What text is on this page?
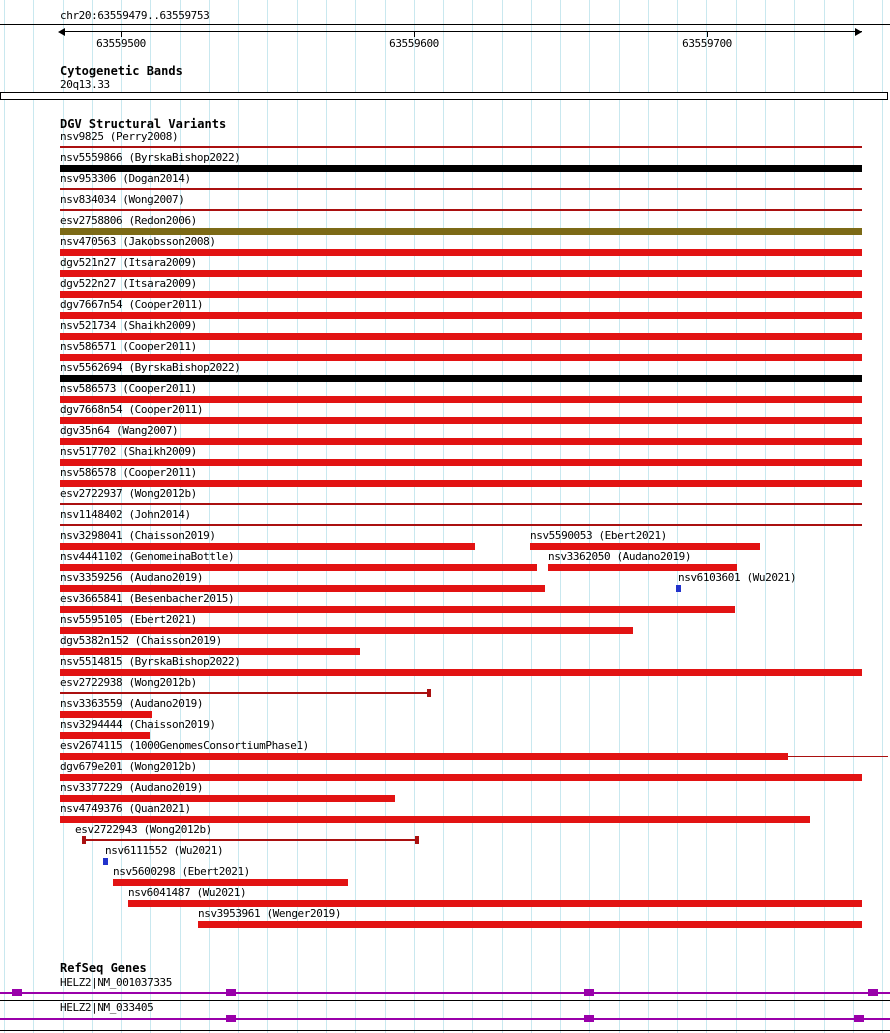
chr20:63559479..63559753
Cytogenetic Bands
20q13.33
DGV Structural Variants
RefSeq Genes
63559500	63559600	63559700
nsv9825 (Perry2008)
nsv5559866 (ByrskaBishop2022)
nsv953306 (Dogan2014)
nsv834034 (Wong2007)
esv2758806 (Redon2006)
nsv470563 (Jakobsson2008)
dgv521n27 (Itsara2009)
dgv522n27 (Itsara2009)
dgv7667n54 (Cooper2011)
nsv521734 (Shaikh2009)
nsv586571 (Cooper2011)
nsv5562694 (ByrskaBishop2022)
nsv586573 (Cooper2011)
dgv7668n54 (Cooper2011)
dgv35n64 (Wang2007)
nsv517702 (Shaikh2009)
nsv586578 (Cooper2011)
esv2722937 (Wong2012b)
nsv1148402 (John2014)
nsv3298041 (Chaisson2019)	nsv5590053 (Ebert2021)
nsv4441102 (GenomeinaBottle)	nsv3362050 (Audano2019)
nsv3359256 (Audano2019)	nsv6103601 (Wu2021)
esv3665841 (Besenbacher2015)
nsv5595105 (Ebert2021)
dgv5382n152 (Chaisson2019)
nsv5514815 (ByrskaBishop2022)
esv2722938 (Wong2012b)
nsv3363559 (Audano2019)
nsv3294444 (Chaisson2019)
esv2674115 (1000GenomesConsortiumPhase1)
dgv679e201 (Wong2012b)
nsv3377229 (Audano2019)
nsv4749376 (Quan2021)
esv2722943 (Wong2012b)
nsv6111552 (Wu2021)
nsv5600298 (Ebert2021)
nsv6041487 (Wu2021)
nsv3953961 (Wenger2019)
HELZ2|NM_001037335
HELZ2|NM_033405
